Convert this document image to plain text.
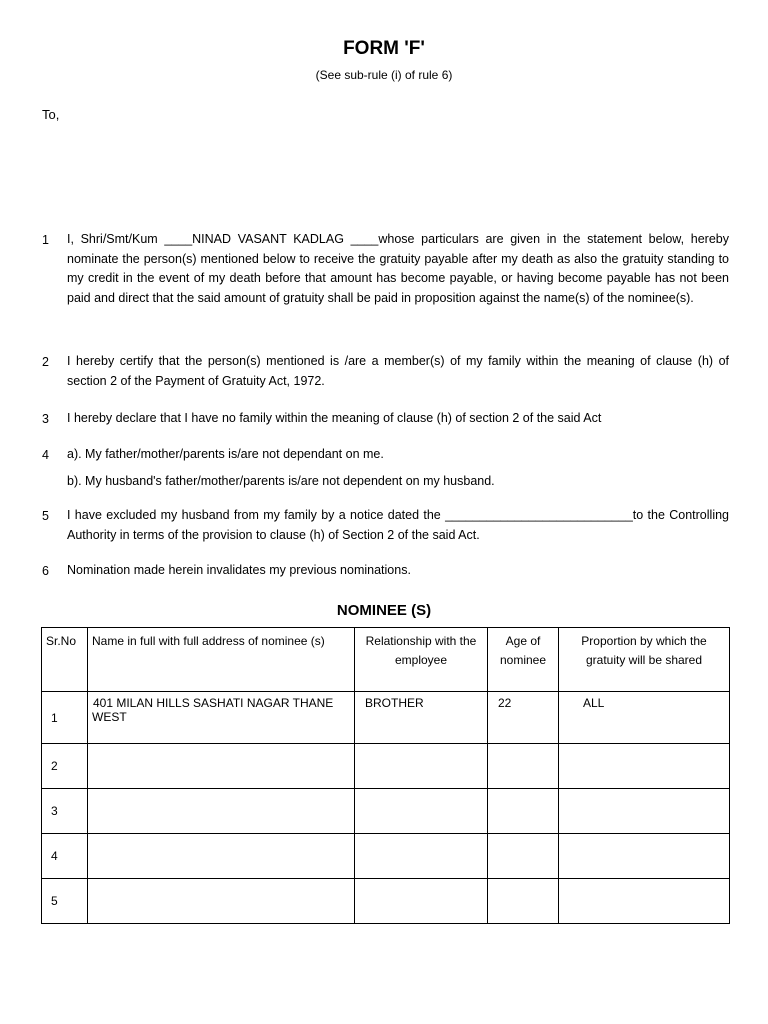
FORM 'F'
(See sub-rule (i) of rule 6)
To,
1 I, Shri/Smt/Kum ____NINAD VASANT KADLAG ____whose particulars are given in the statement below, hereby nominate the person(s) mentioned below to receive the gratuity payable after my death as also the gratuity standing to my credit in the event of my death before that amount has become payable, or having become payable has not been paid and direct that the said amount of gratuity shall be paid in proposition against the name(s) of the nominee(s).
2 I hereby certify that the person(s) mentioned is /are a member(s) of my family within the meaning of clause (h) of section 2 of the Payment of Gratuity Act, 1972.
3 I hereby declare that I have no family within the meaning of clause (h) of section 2 of the said Act
4 a). My father/mother/parents is/are not dependant on me.
b). My husband's father/mother/parents is/are not dependent on my husband.
5 I have excluded my husband from my family by a notice dated the ___________________________to the Controlling Authority in terms of the provision to clause (h) of Section 2 of the said Act.
6 Nomination made herein invalidates my previous nominations.
NOMINEE (S)
Sr.No	Name in full with full address of nominee (s)	Relationship with the employee	Age of nominee	Proportion by which the gratuity will be shared
1	401 MILAN HILLS SASHATI NAGAR THANE WEST	BROTHER	22	ALL
2				
3				
4				
5				
